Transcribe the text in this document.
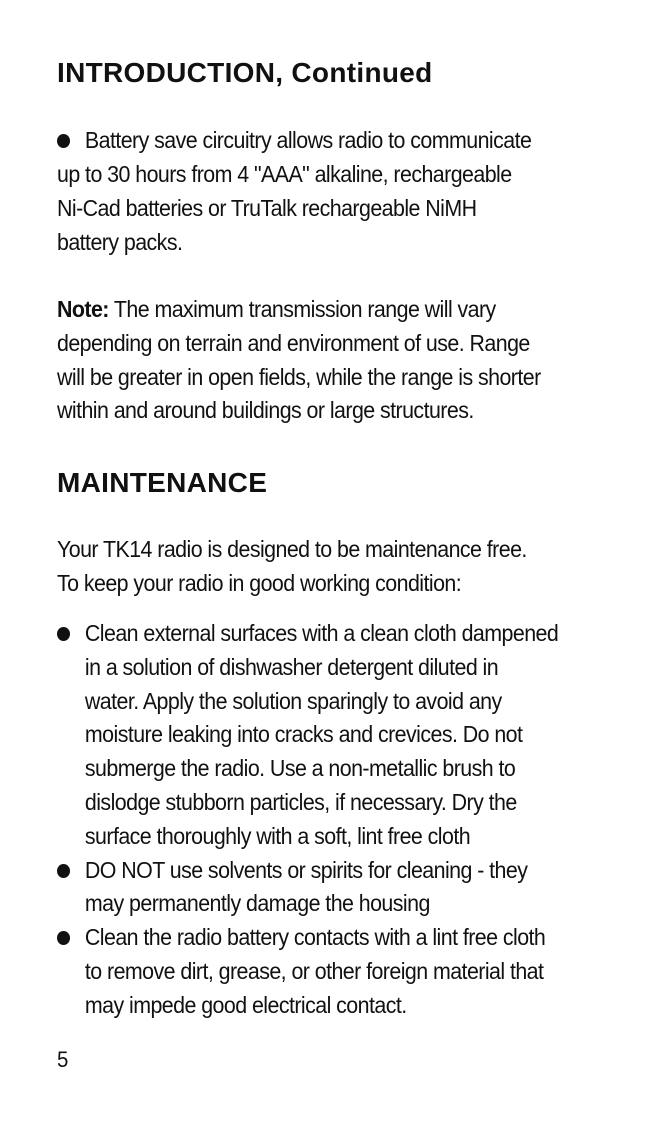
INTRODUCTION, Continued
Battery save circuitry allows radio to communicate

up to 30 hours from 4 "AAA" alkaline, rechargeable
Ni-Cad batteries or TruTalk rechargeable NiMH
battery packs.

Note: The maximum transmission range will vary
depending on terrain and environment of use. Range
will be greater in open fields, while the range is shorter
within and around buildings or large structures.

MAINTENANCE

Your TK14 radio is designed to be maintenance free.
To keep your radio in good working condition:

Clean external surfaces with a clean cloth dampened
in a solution of dishwasher detergent diluted in
water. Apply the solution sparingly to avoid any
moisture leaking into cracks and crevices. Do not
submerge the radio. Use a non-metallic brush to
dislodge stubborn particles, if necessary. Dry the
surface thoroughly with a soft, lint free cloth
DO NOT use solvents or spirits for cleaning - they
may permanently damage the housing
Clean the radio battery contacts with a lint free cloth
to remove dirt, grease, or other foreign material that
may impede good electrical contact.

5
